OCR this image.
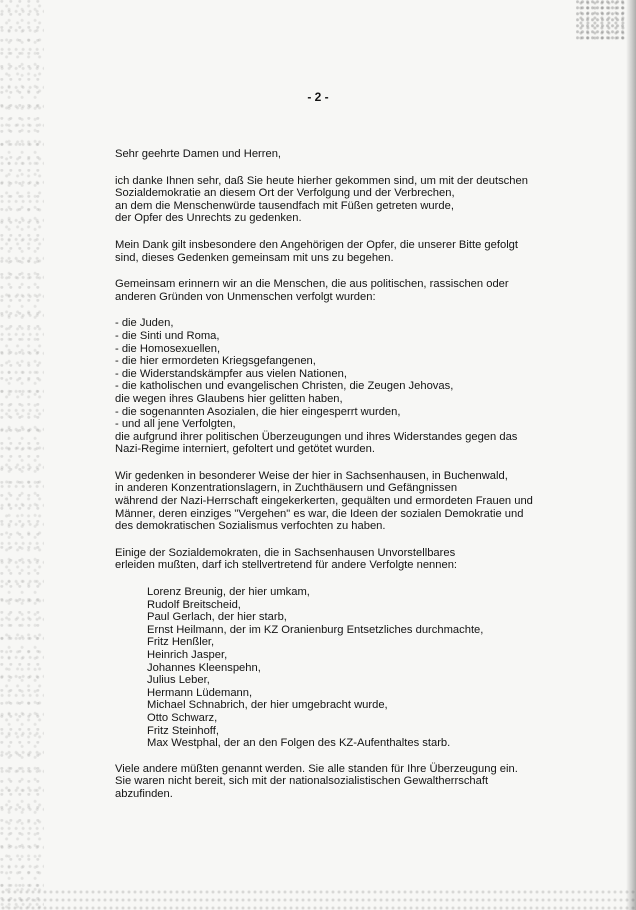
- 2 -

Sehr geehrte Damen und Herren,

ich danke Ihnen sehr, daß Sie heute hierher gekommen sind, um mit der deutschen
Sozialdemokratie an diesem Ort der Verfolgung und der Verbrechen,
an dem die Menschenwürde tausendfach mit Füßen getreten wurde,
der Opfer des Unrechts zu gedenken.

Mein Dank gilt insbesondere den Angehörigen der Opfer, die unserer Bitte gefolgt
sind, dieses Gedenken gemeinsam mit uns zu begehen.

Gemeinsam erinnern wir an die Menschen, die aus politischen, rassischen oder
anderen Gründen von Unmenschen verfolgt wurden:

- die Juden,
- die Sinti und Roma,
- die Homosexuellen,
- die hier ermordeten Kriegsgefangenen,
- die Widerstandskämpfer aus vielen Nationen,
- die katholischen und evangelischen Christen, die Zeugen Jehovas,
die wegen ihres Glaubens hier gelitten haben,
- die sogenannten Asozialen, die hier eingesperrt wurden,
- und all jene Verfolgten,
die aufgrund ihrer politischen Überzeugungen und ihres Widerstandes gegen das
Nazi-Regime interniert, gefoltert und getötet wurden.

Wir gedenken in besonderer Weise der hier in Sachsenhausen, in Buchenwald,
in anderen Konzentrationslagern, in Zuchthäusern und Gefängnissen
während der Nazi-Herrschaft eingekerkerten, gequälten und ermordeten Frauen und
Männer, deren einziges "Vergehen" es war, die Ideen der sozialen Demokratie und
des demokratischen Sozialismus verfochten zu haben.

Einige der Sozialdemokraten, die in Sachsenhausen Unvorstellbares
erleiden mußten, darf ich stellvertretend für andere Verfolgte nennen:

Lorenz Breunig, der hier umkam,
Rudolf Breitscheid,
Paul Gerlach, der hier starb,
Ernst Heilmann, der im KZ Oranienburg Entsetzliches durchmachte,
Fritz Henßler,
Heinrich Jasper,
Johannes Kleenspehn,
Julius Leber,
Hermann Lüdemann,
Michael Schnabrich, der hier umgebracht wurde,
Otto Schwarz,
Fritz Steinhoff,
Max Westphal, der an den Folgen des KZ-Aufenthaltes starb.

Viele andere müßten genannt werden. Sie alle standen für Ihre Überzeugung ein.
Sie waren nicht bereit, sich mit der nationalsozialistischen Gewaltherrschaft
abzufinden.
